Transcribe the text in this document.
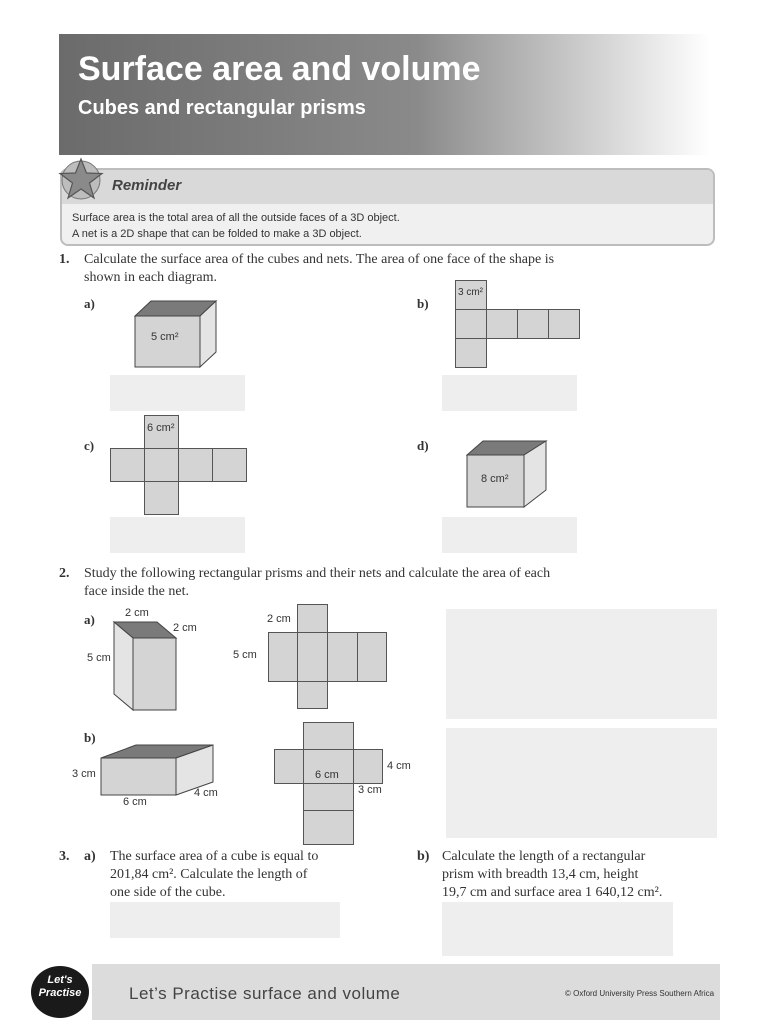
Surface area and volume
Cubes and rectangular prisms
Reminder
Surface area is the total area of all the outside faces of a 3D object.
A net is a 2D shape that can be folded to make a 3D object.
1. Calculate the surface area of the cubes and nets. The area of one face of the shape is
shown in each diagram.
a)
5 cm²
b)
3 cm²
c)
6 cm²
d)
8 cm²
2. Study the following rectangular prisms and their nets and calculate the area of each
face inside the net.
a)	2 cm
2 cm
5 cm
2 cm
5 cm
b)
3 cm
6 cm
4 cm
6 cm
4 cm
3 cm
3. a) The surface area of a cube is equal to
201,84 cm². Calculate the length of
one side of the cube.
b) Calculate the length of a rectangular
prism with breadth 13,4 cm, height
19,7 cm and surface area 1 640,12 cm².
Let's
Practise	Let’s Practise surface and volume	© Oxford University Press Southern Africa
